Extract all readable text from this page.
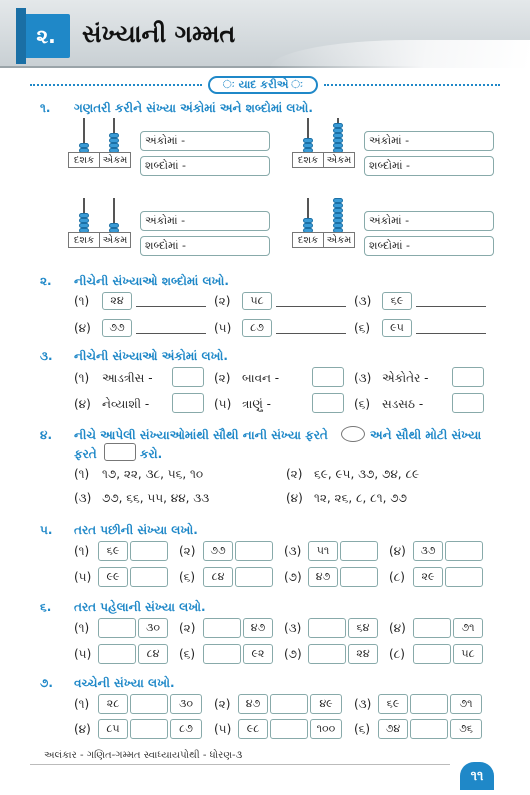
૨.	સંખ્યાની ગમ્મત
ઃ યાદ કરીએ ઃ
૧. ગણતરી કરીને સંખ્યા અંકોમાં અને શબ્દોમાં લખો.
૨. નીચેની સંખ્યાઓ શબ્દોમાં લખો.
૩. નીચેની સંખ્યાઓ અંકોમાં લખો.
૪. નીચે આપેલી સંખ્યાઓમાંથી સૌથી નાની સંખ્યા ફરતે	અને સૌથી મોટી સંખ્યા
ફરતે	કરો.
૫. તરત પછીની સંખ્યા લખો.
૬. તરત પહેલાની સંખ્યા લખો.
૭. વચ્ચેની સંખ્યા લખો.
અલંકાર - ગણિત-ગમ્મત સ્વાધ્યાયપોથી - ધોરણ-૩
૧૧
દશક એકમ
અંકોમાં -
શબ્દોમાં -	દશક એકમ
અંકોમાં -
શબ્દોમાં -
દશક એકમ
અંકોમાં -
શબ્દોમાં -	દશક એકમ
અંકોમાં -
શબ્દોમાં -
(૧)	૨૪	(૨)	૫૮	(૩)	૬૯
(૪)	૭૭	(૫)	૮૭	(૬)	૯૫
(૧) આડત્રીસ -	(૨) બાવન -	(૩) એકોતેર -
(૪) નેવ્યાશી -	(૫) ત્રાણું -	(૬) સડસઠ -
(૧) ૧૭, ૨૨, ૩૮, ૫૬, ૧૦	(૨) ૬૯, ૯૫, ૩૭, ૭૪, ૮૯
(૩) ૭૭, ૬૬, ૫૫, ૪૪, ૩૩	(૪) ૧૨, ૨૬, ૮, ૮૧, ૭૭
(૧)	૬૯	(૨)	૭૭	(૩)	૫૧	(૪)	૩૭
(૫)	૯૯	(૬)	૮૪	(૭)	૪૭	(૮)	૨૯
(૧)	૩૦	(૨)	૪૭	(૩)	૬૪	(૪)	૭૧
(૫)	૮૪	(૬)	૯૨	(૭)	૨૪	(૮)	૫૮
(૧)	૨૮	૩૦	(૨)	૪૭	૪૯	(૩)	૬૯	૭૧
(૪)	૮૫	૮૭	(૫)	૯૮	૧૦૦	(૬)	૭૪	૭૬
